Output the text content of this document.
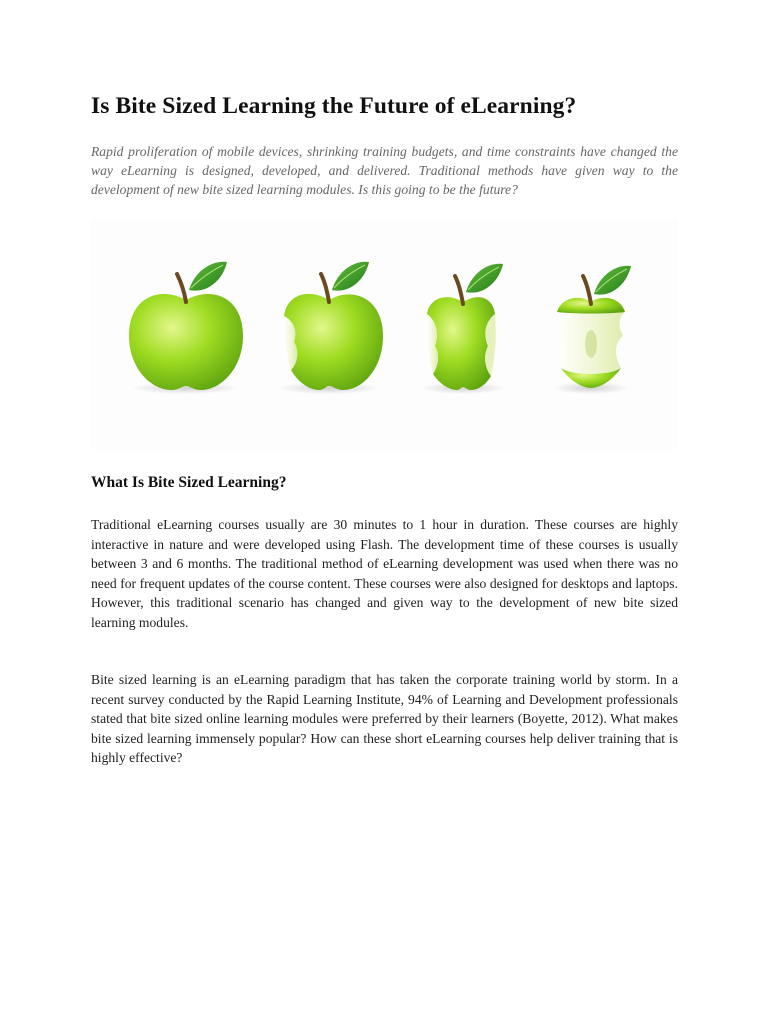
Is Bite Sized Learning the Future of eLearning?

Rapid proliferation of mobile devices, shrinking training budgets, and time constraints have changed the way eLearning is designed, developed, and delivered. Traditional methods have given way to the development of new bite sized learning modules. Is this going to be the future?

What Is Bite Sized Learning?

Traditional eLearning courses usually are 30 minutes to 1 hour in duration. These courses are highly interactive in nature and were developed using Flash. The development time of these courses is usually between 3 and 6 months. The traditional method of eLearning development was used when there was no need for frequent updates of the course content. These courses were also designed for desktops and laptops. However, this traditional scenario has changed and given way to the development of new bite sized learning modules.

Bite sized learning is an eLearning paradigm that has taken the corporate training world by storm. In a recent survey conducted by the Rapid Learning Institute, 94% of Learning and Development professionals stated that bite sized online learning modules were preferred by their learners (Boyette, 2012). What makes bite sized learning immensely popular? How can these short eLearning courses help deliver training that is highly effective?
